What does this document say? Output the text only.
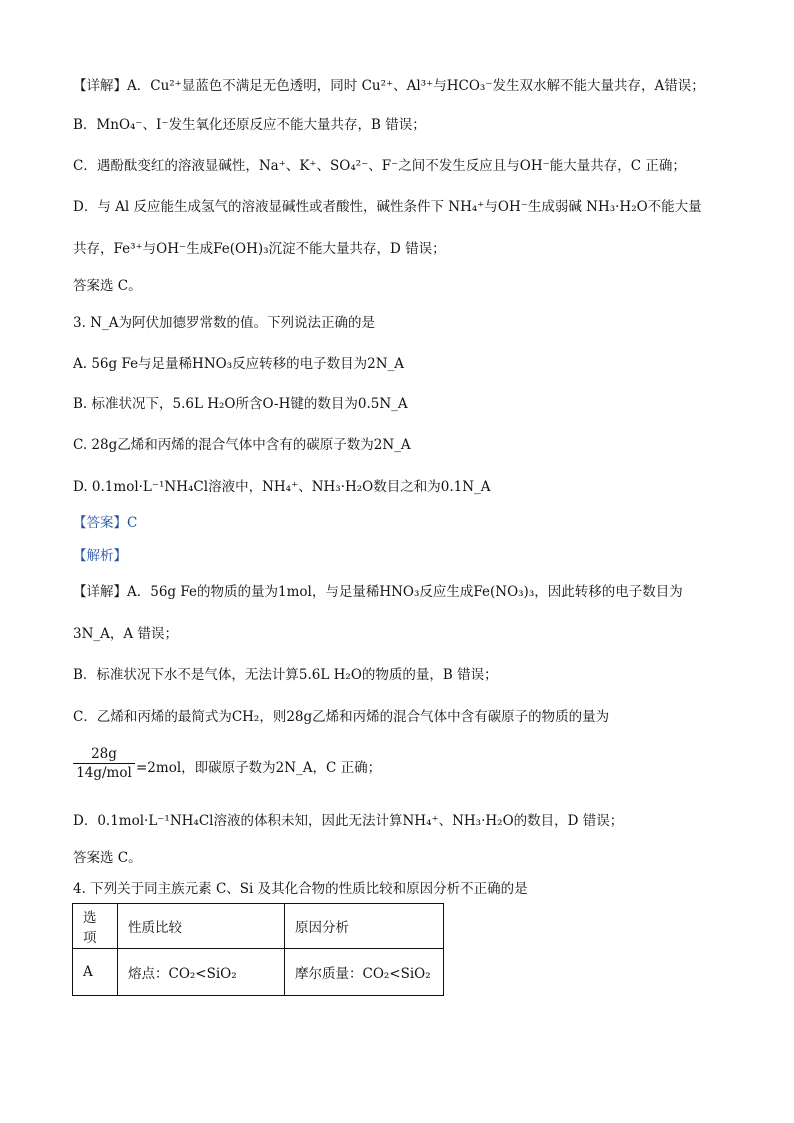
【详解】A．Cu²⁺显蓝色不满足无色透明，同时 Cu²⁺、Al³⁺与HCO₃⁻发生双水解不能大量共存，A错误；
B．MnO₄⁻、I⁻发生氧化还原反应不能大量共存，B 错误；
C．遇酚酞变红的溶液显碱性，Na⁺、K⁺、SO₄²⁻、F⁻之间不发生反应且与OH⁻能大量共存，C 正确；
D．与 Al 反应能生成氢气的溶液显碱性或者酸性，碱性条件下 NH₄⁺与OH⁻生成弱碱 NH₃·H₂O不能大量
共存，Fe³⁺与OH⁻生成Fe(OH)₃沉淀不能大量共存，D 错误；
答案选 C。
3. N_A为阿伏加德罗常数的值。下列说法正确的是
A. 56g Fe与足量稀HNO₃反应转移的电子数目为2N_A
B. 标准状况下，5.6L H₂O所含O-H键的数目为0.5N_A
C. 28g乙烯和丙烯的混合气体中含有的碳原子数为2N_A
D. 0.1mol·L⁻¹NH₄Cl溶液中，NH₄⁺、NH₃·H₂O数目之和为0.1N_A
【答案】C
【解析】
【详解】A．56g Fe的物质的量为1mol，与足量稀HNO₃反应生成Fe(NO₃)₃，因此转移的电子数目为
3N_A，A 错误；
B．标准状况下水不是气体，无法计算5.6L H₂O的物质的量，B 错误；
C．乙烯和丙烯的最简式为CH₂，则28g乙烯和丙烯的混合气体中含有碳原子的物质的量为
28g
14g/mol =2mol，即碳原子数为2N_A，C 正确；
D．0.1mol·L⁻¹NH₄Cl溶液的体积未知，因此无法计算NH₄⁺、NH₃·H₂O的数目，D 错误；
答案选 C。
4. 下列关于同主族元素 C、Si 及其化合物的性质比较和原因分析不正确的是
选项	性质比较	原因分析
A	熔点：CO₂<SiO₂	摩尔质量：CO₂<SiO₂
